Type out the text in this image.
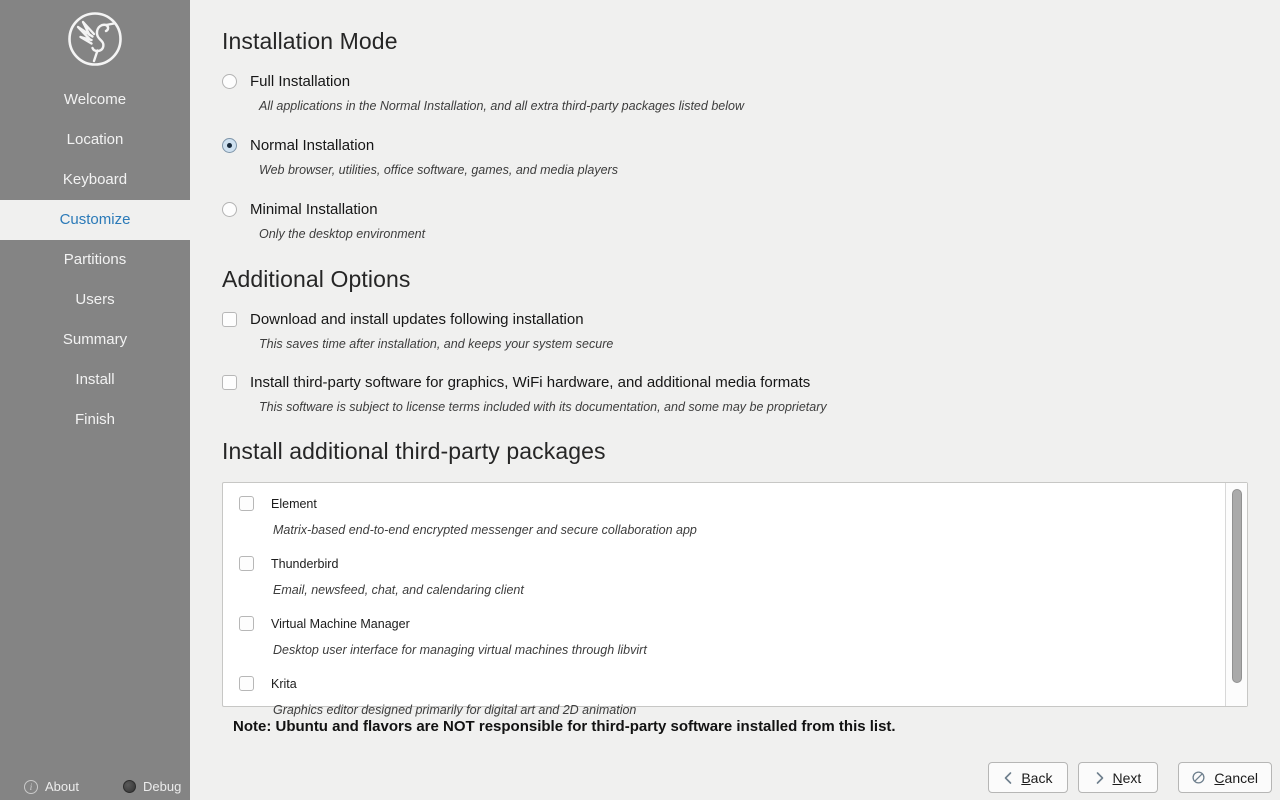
Welcome
Location
Keyboard
Customize
Partitions
Users
Summary
Install
Finish
i About	Debug
Installation Mode
Full Installation
All applications in the Normal Installation, and all extra third-party packages listed below
Normal Installation
Web browser, utilities, office software, games, and media players
Minimal Installation
Only the desktop environment
Additional Options
Download and install updates following installation
This saves time after installation, and keeps your system secure
Install third-party software for graphics, WiFi hardware, and additional media formats
This software is subject to license terms included with its documentation, and some may be proprietary
Install additional third-party packages
Element
Matrix-based end-to-end encrypted messenger and secure collaboration app
Thunderbird
Email, newsfeed, chat, and calendaring client
Virtual Machine Manager
Desktop user interface for managing virtual machines through libvirt
Krita
Graphics editor designed primarily for digital art and 2D animation
Note: Ubuntu and flavors are NOT responsible for third-party software installed from this list.
Back	Next	Cancel
